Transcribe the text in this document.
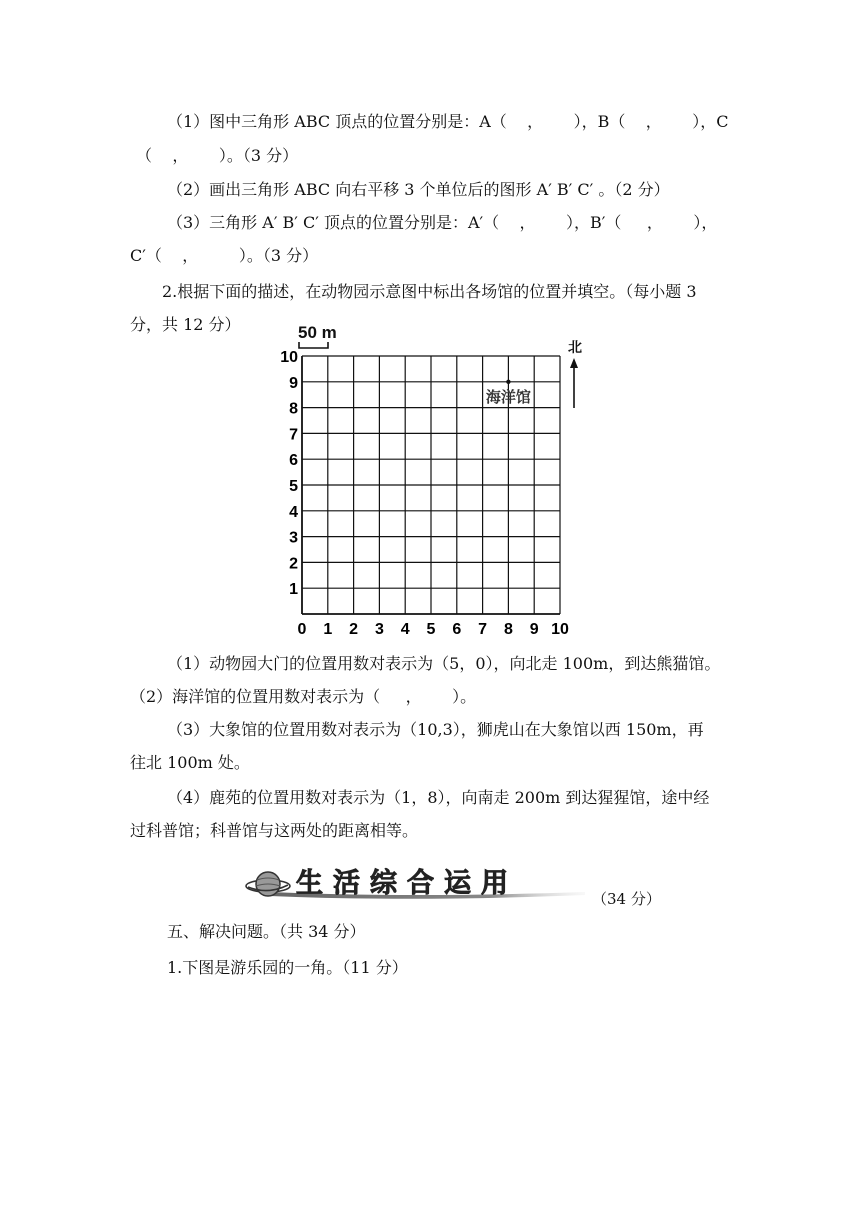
（1）图中三角形 ABC 顶点的位置分别是：A（    ，      ），B（    ，      ），C
（    ，      ）。（3 分）
（2）画出三角形 ABC 向右平移 3 个单位后的图形 A′ B′ C′ 。（2 分）
（3）三角形 A′ B′ C′ 顶点的位置分别是：A′（    ，      ），B′（     ，      ），
C′（    ，        ）。（3 分）
2.根据下面的描述，在动物园示意图中标出各场馆的位置并填空。（每小题 3
分，共 12 分）	50 m
北
0 1 2 3 4 5 6 7 8 9 10
1
2
3
4
5
6
7
8
9
10
海洋馆
（1）动物园大门的位置用数对表示为（5，0），向北走 100m，到达熊猫馆。
（2）海洋馆的位置用数对表示为（     ，      ）。
（3）大象馆的位置用数对表示为（10,3），狮虎山在大象馆以西 150m，再
往北 100m 处。
（4）鹿苑的位置用数对表示为（1，8），向南走 200m 到达猩猩馆，途中经
过科普馆；科普馆与这两处的距离相等。
生活综合运用	（34 分）
五、解决问题。（共 34 分）
1.下图是游乐园的一角。（11 分）
